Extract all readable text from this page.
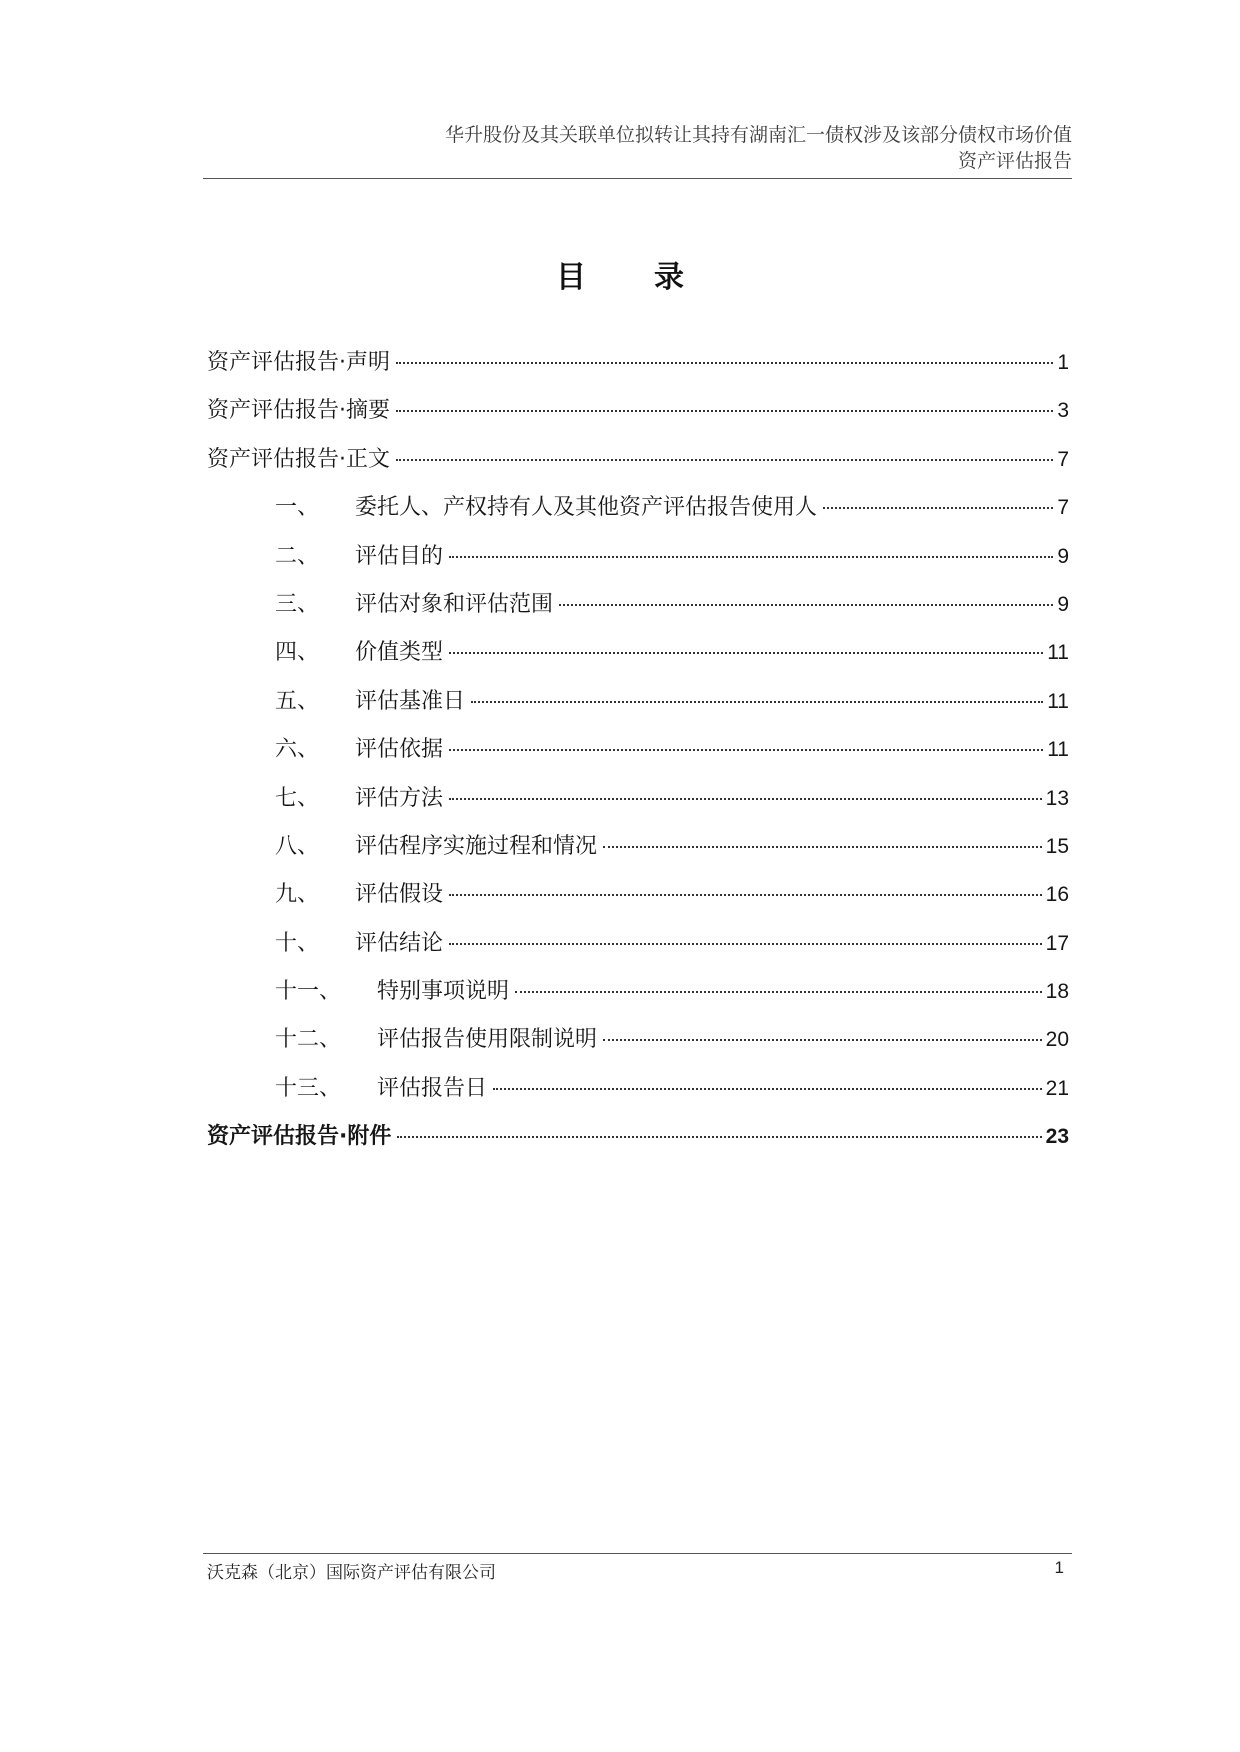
华升股份及其关联单位拟转让其持有湖南汇一债权涉及该部分债权市场价值
资产评估报告
目录
资产评估报告·声明	1
资产评估报告·摘要	3
资产评估报告·正文	7
一、	委托人、产权持有人及其他资产评估报告使用人	7
二、	评估目的	9
三、	评估对象和评估范围	9
四、	价值类型	11
五、	评估基准日	11
六、	评估依据	11
七、	评估方法	13
八、	评估程序实施过程和情况	15
九、	评估假设	16
十、	评估结论	17
十一、	特别事项说明	18
十二、	评估报告使用限制说明	20
十三、	评估报告日	21
资产评估报告·附件	23
沃克森（北京）国际资产评估有限公司	1
